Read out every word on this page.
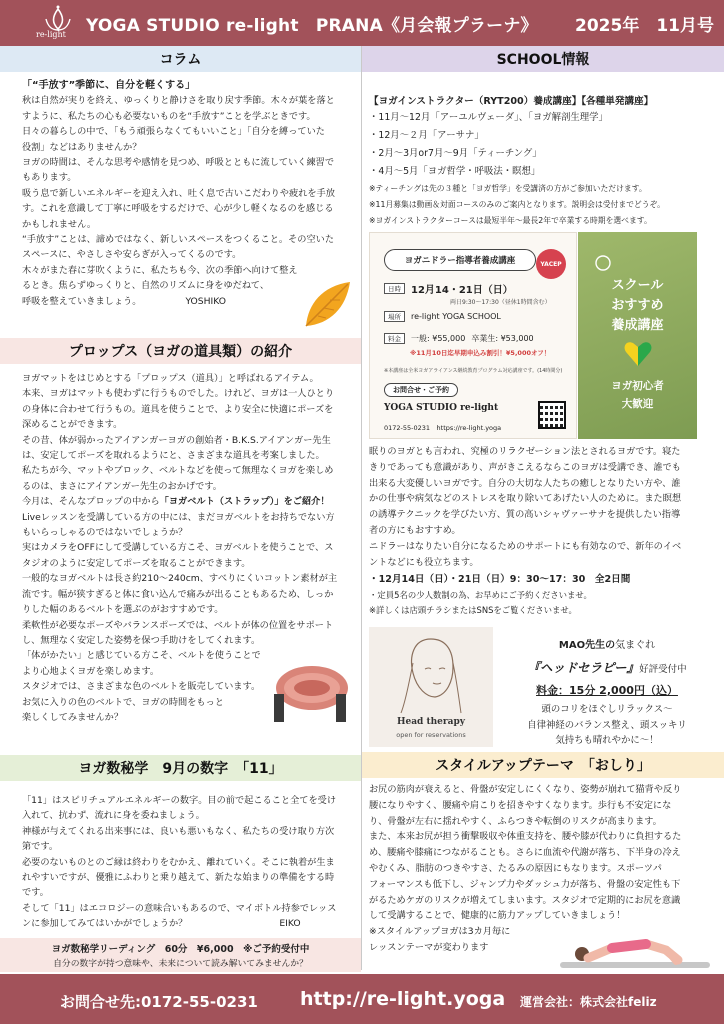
re-light YOGA STUDIO re-light　PRANA《月会報プラーナ》 2025年　11月号
コラム

「“手放す”季節に、自分を軽くする」

秋は自然が実りを終え、ゆっくりと静けさを取り戻す季節。木々が葉を落と

すように、私たちの心も必要ないものを“手放す”ことを学ぶときです。

日々の暮らしの中で、「もう頑張らなくてもいいこと」「自分を縛っていた

役割」などはありませんか？

ヨガの時間は、そんな思考や感情を見つめ、呼吸とともに流していく練習で

もあります。

吸う息で新しいエネルギーを迎え入れ、吐く息で古いこだわりや疲れを手放

す。これを意識して丁寧に呼吸をするだけで、心が少し軽くなるのを感じる

かもしれません。

“手放す”ことは、諦めではなく、新しいスペースをつくること。その空いた

スペースに、やさしさや安らぎが入ってくるのです。

木々がまた春に芽吹くように、私たちも今、次の季節へ向けて整え

るとき。焦らずゆっくりと、自然のリズムに身をゆだねて、

呼吸を整えていきましょう。	YOSHIKO

プロップス（ヨガの道具類）の紹介

ヨガマットをはじめとする「プロップス（道具）」と呼ばれるアイテム。

本来、ヨガはマットも使わずに行うものでした。けれど、ヨガは一人ひとり

の身体に合わせて行うもの。道具を使うことで、より安全に快適にポーズを

深めることができます。

その昔、体が弱かったアイアンガーヨガの創始者・B.K.S.アイアンガー先生

は、安定してポーズを取れるようにと、さまざまな道具を考案しました。

私たちが今、マットやブロック、ベルトなどを使って無理なくヨガを楽しめ

るのは、まさにアイアンガー先生のおかげです。

今月は、そんなプロップの中から「ヨガベルト（ストラップ）」をご紹介！

Liveレッスンを受講している方の中には、まだヨガベルトをお持ちでない方

もいらっしゃるのではないでしょうか？

実はカメラをOFFにして受講している方こそ、ヨガベルトを使うことで、ス

タジオのように安定してポーズを取ることができます。

一般的なヨガベルトは長さ約210〜240cm、すべりにくいコットン素材が主

流です。幅が狭すぎると体に食い込んで痛みが出ることもあるため、しっか

りした幅のあるベルトを選ぶのがおすすめです。

柔軟性が必要なポーズやバランスポーズでは、ベルトが体の位置をサポート

し、無理なく安定した姿勢を保つ手助けをしてくれます。

「体がかたい」と感じている方こそ、ベルトを使うことで

より心地よくヨガを楽しめます。

スタジオでは、さまざまな色のベルトを販売しています。

お気に入りの色のベルトで、ヨガの時間をもっと

楽しくしてみませんか？

ヨガ数秘学　9月の数字　「11」

「11」はスピリチュアルエネルギーの数字。目の前で起こること全てを受け

入れて、抗わず、流れに身を委ねましょう。

神様が与えてくれる出来事には、良いも悪いもなく、私たちの受け取り方次

第です。

必要のないものとのご縁は終わりをむかえ、離れていく。そこに執着が生ま

れやすいですが、優雅にふわりと乗り越えて、新たな始まりの準備をする時

です。

そして「11」はエコロジーの意味合いもあるので、マイボトル持参でレッス

ンに参加してみてはいかがでしょうか？	EIKO

ヨガ数秘学リーディング　60分　¥6,000　※ご予約受付中
自分の数字が持つ意味や、未来について読み解いてみませんか？
SCHOOL情報

【ヨガインストラクター（RYT200）養成講座】【各種単発講座】

・11月〜12月「アーユルヴェーダ」、「ヨガ解剖生理学」

・12月〜２月「アーサナ」

・2月〜3月or7月〜9月「ティーチング」

・4月〜5月「ヨガ哲学・呼吸法・瞑想」

※ティーチングは先の３種と「ヨガ哲学」を受講済の方がご参加いただけます。

※11月募集は動画＆対面コースのみのご案内となります。説明会は受付までどうぞ。

※ヨガインストラクターコースは最短半年〜最長2年で卒業する時期を選べます。

ヨガニドラー指導者養成講座	YACEP
日時	12月14・21日（日）
両日9:30〜17:30（昼休1時間含む）
場所	re-light YOGA SCHOOL
料金	一般: ¥55,000 卒業生: ¥53,000
※11月10日迄早期申込み割引！¥5,000オフ！
※本講座は全米ヨガアライアンス継続教育プログラム対応講座です。(14時間分)
お問合せ・ご予約
YOGA STUDIO re-light
0172-55-0231　https://re-light.yoga
スクール
おすすめ
養成講座
ヨガ初心者
大歓迎

眠りのヨガとも言われ、究極のリラクゼーション法とされるヨガです。寝た

きりであっても意識があり、声がきこえるならこのヨガは受講でき、誰でも

出来る大変優しいヨガです。自分の大切な人たちの癒しとなりたい方や、誰

かの仕事や病気などのストレスを取り除いてあげたい人のために。また瞑想

の誘導テクニックを学びたい方、質の高いシャヴァーサナを提供したい指導

者の方にもおすすめ。

ニドラーはなりたい自分になるためのサポートにも有効なので、新年のイベ

ントなどにも役立ちます。

・12月14日（日）・21日（日）9：30〜17：30　全2日間

・定員5名の少人数制の為、お早めにご予約くださいませ。

※詳しくは店頭チラシまたはSNSをご覧くださいませ。

Head therapy
open for reservations
MAO先生の気まぐれ
『ヘッドセラピー』好評受付中
料金：15分 2,000円（込）
頭のコリをほぐしリラックス〜
自律神経のバランス整え、頭スッキリ
気持ちも晴れやかに〜！
スタイルアップテーマ　「おしり」

お尻の筋肉が衰えると、骨盤が安定しにくくなり、姿勢が崩れて猫背や反り

腰になりやすく、腰痛や肩こりを招きやすくなります。歩行も不安定にな

り、骨盤が左右に揺れやすく、ふらつきや転倒のリスクが高まります。

また、本来お尻が担う衝撃吸収や体重支持を、腰や膝が代わりに負担するた

め、腰痛や膝痛につながることも。さらに血流や代謝が落ち、下半身の冷え

やむくみ、脂肪のつきやすさ、たるみの原因にもなります。スポーツパ

フォーマンスも低下し、ジャンプ力やダッシュ力が落ち、骨盤の安定性も下

がるためケガのリスクが増えてしまいます。スタジオで定期的にお尻を意識

して受講することで、健康的に筋力アップしていきましょう！

※スタイルアップヨガは3カ月毎に

レッスンテーマが変わります

お問合せ先:0172-55-0231 http://re-light.yoga 運営会社：株式会社feliz
